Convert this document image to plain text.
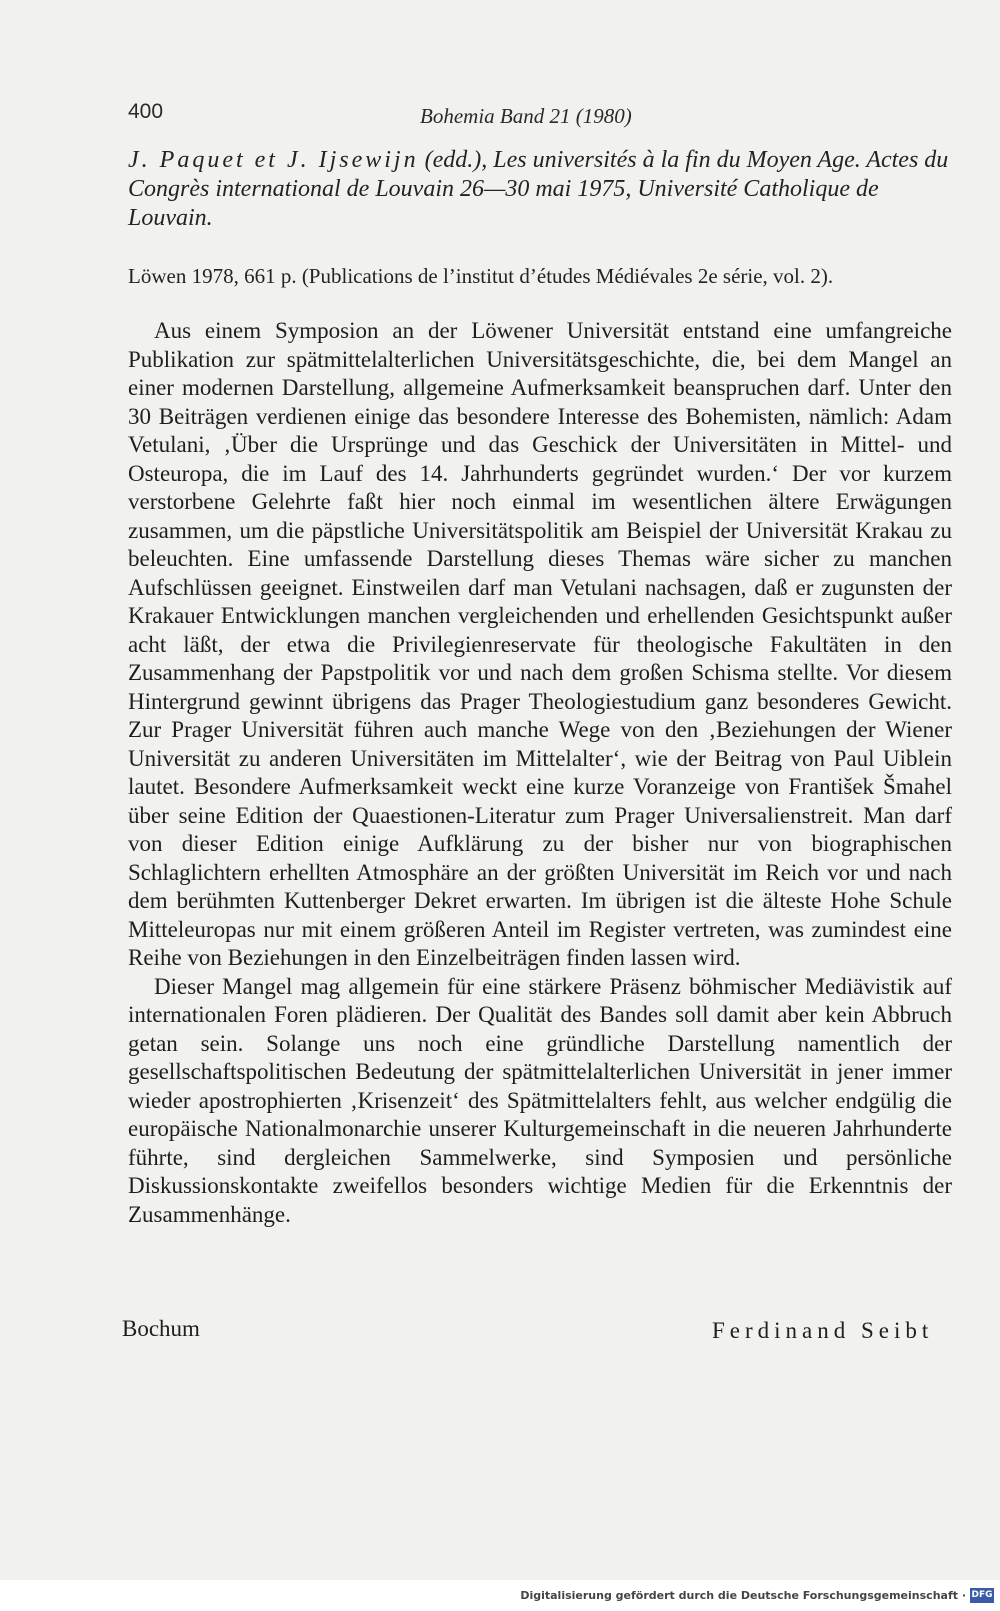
400	Bohemia Band 21 (1980)
J. Paquet et J. Ijsewijn (edd.), Les universités à la fin du Moyen Age. Actes du Congrès international de Louvain 26—30 mai 1975, Université Catholique de Louvain.
Löwen 1978, 661 p. (Publications de l’institut d’études Médiévales 2e série, vol. 2).

Aus einem Symposion an der Löwener Universität entstand eine umfangreiche Publikation zur spätmittelalterlichen Universitätsgeschichte, die, bei dem Mangel an einer modernen Darstellung, allgemeine Aufmerksamkeit beanspruchen darf. Unter den 30 Beiträgen verdienen einige das besondere Interesse des Bohemisten, nämlich: Adam Vetulani, ‚Über die Ursprünge und das Geschick der Universitäten in Mittel- und Osteuropa, die im Lauf des 14. Jahrhunderts gegründet wurden.‘ Der vor kurzem verstorbene Gelehrte faßt hier noch einmal im wesentlichen ältere Erwägungen zusammen, um die päpstliche Universitätspolitik am Beispiel der Universität Krakau zu beleuchten. Eine umfassende Darstellung dieses Themas wäre sicher zu manchen Aufschlüssen geeignet. Einstweilen darf man Vetulani nachsagen, daß er zugunsten der Krakauer Entwicklungen manchen vergleichenden und erhellenden Gesichtspunkt außer acht läßt, der etwa die Privilegienreservate für theologische Fakultäten in den Zusammenhang der Papstpolitik vor und nach dem großen Schisma stellte. Vor diesem Hintergrund gewinnt übrigens das Prager Theologiestudium ganz besonderes Gewicht. Zur Prager Universität führen auch manche Wege von den ‚Beziehungen der Wiener Universität zu anderen Universitäten im Mittelalter‘, wie der Beitrag von Paul Uiblein lautet. Besondere Aufmerksamkeit weckt eine kurze Voranzeige von František Šmahel über seine Edition der Quaestionen-Literatur zum Prager Universalienstreit. Man darf von dieser Edition einige Aufklärung zu der bisher nur von biographischen Schlaglichtern erhellten Atmosphäre an der größten Universität im Reich vor und nach dem berühmten Kuttenberger Dekret erwarten. Im übrigen ist die älteste Hohe Schule Mitteleuropas nur mit einem größeren Anteil im Register vertreten, was zumindest eine Reihe von Beziehungen in den Einzelbeiträgen finden lassen wird.

Dieser Mangel mag allgemein für eine stärkere Präsenz böhmischer Mediävistik auf internationalen Foren plädieren. Der Qualität des Bandes soll damit aber kein Abbruch getan sein. Solange uns noch eine gründliche Darstellung namentlich der gesellschaftspolitischen Bedeutung der spätmittelalterlichen Universität in jener immer wieder apostrophierten ‚Krisenzeit‘ des Spätmittelalters fehlt, aus welcher endgülig die europäische Nationalmonarchie unserer Kulturgemeinschaft in die neueren Jahrhunderte führte, sind dergleichen Sammelwerke, sind Symposien und persönliche Diskussionskontakte zweifellos besonders wichtige Medien für die Erkenntnis der Zusammenhänge.

Bochum	Ferdinand Seibt
Digitalisierung gefördert durch die Deutsche Forschungsgemeinschaft · DFG
